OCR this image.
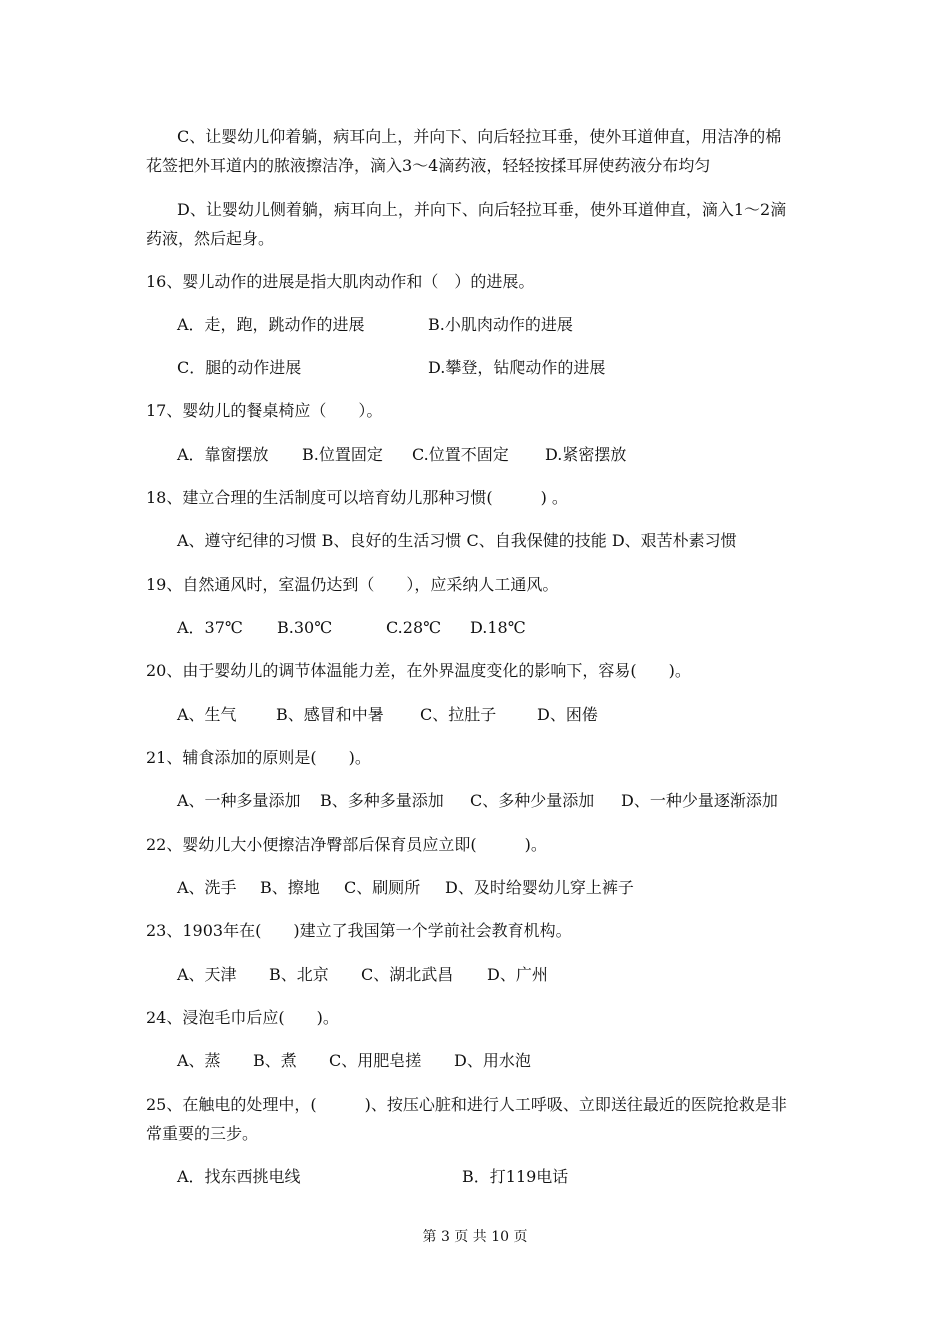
C、让婴幼儿仰着躺，病耳向上，并向下、向后轻拉耳垂，使外耳道伸直，用洁净的棉
花签把外耳道内的脓液擦洁净，滴入3～4滴药液，轻轻按揉耳屏使药液分布均匀
D、让婴幼儿侧着躺，病耳向上，并向下、向后轻拉耳垂，使外耳道伸直，滴入1～2滴
药液，然后起身。
16、婴儿动作的进展是指大肌肉动作和（　）的进展。
A．走，跑，跳动作的进展	B.小肌肉动作的进展
C．腿的动作进展	D.攀登，钻爬动作的进展
17、婴幼儿的餐桌椅应（　　）。
A．靠窗摆放 B.位置固定 C.位置不固定 D.紧密摆放
18、建立合理的生活制度可以培育幼儿那种习惯(　　　) 。
A、遵守纪律的习惯 B、良好的生活习惯 C、自我保健的技能 D、艰苦朴素习惯
19、自然通风时，室温仍达到（　　），应采纳人工通风。
A．37℃ B.30℃	C.28℃ D.18℃
20、由于婴幼儿的调节体温能力差，在外界温度变化的影响下，容易(　　)。
A、生气 B、感冒和中暑 C、拉肚子	D、困倦
21、辅食添加的原则是(　　)。
A、一种多量添加 B、多种多量添加 C、多种少量添加 D、一种少量逐渐添加
22、婴幼儿大小便擦洁净臀部后保育员应立即(　　　)。
A、洗手 B、擦地 C、刷厕所 D、及时给婴幼儿穿上裤子
23、1903年在(　　)建立了我国第一个学前社会教育机构。
A、天津 B、北京 C、湖北武昌 D、广州
24、浸泡毛巾后应(　　)。
A、蒸 B、煮 C、用肥皂搓 D、用水泡
25、在触电的处理中，(　　　)、按压心脏和进行人工呼吸、立即送往最近的医院抢救是非
常重要的三步。
A．找东西挑电线	B．打119电话
第 3 页 共 10 页
